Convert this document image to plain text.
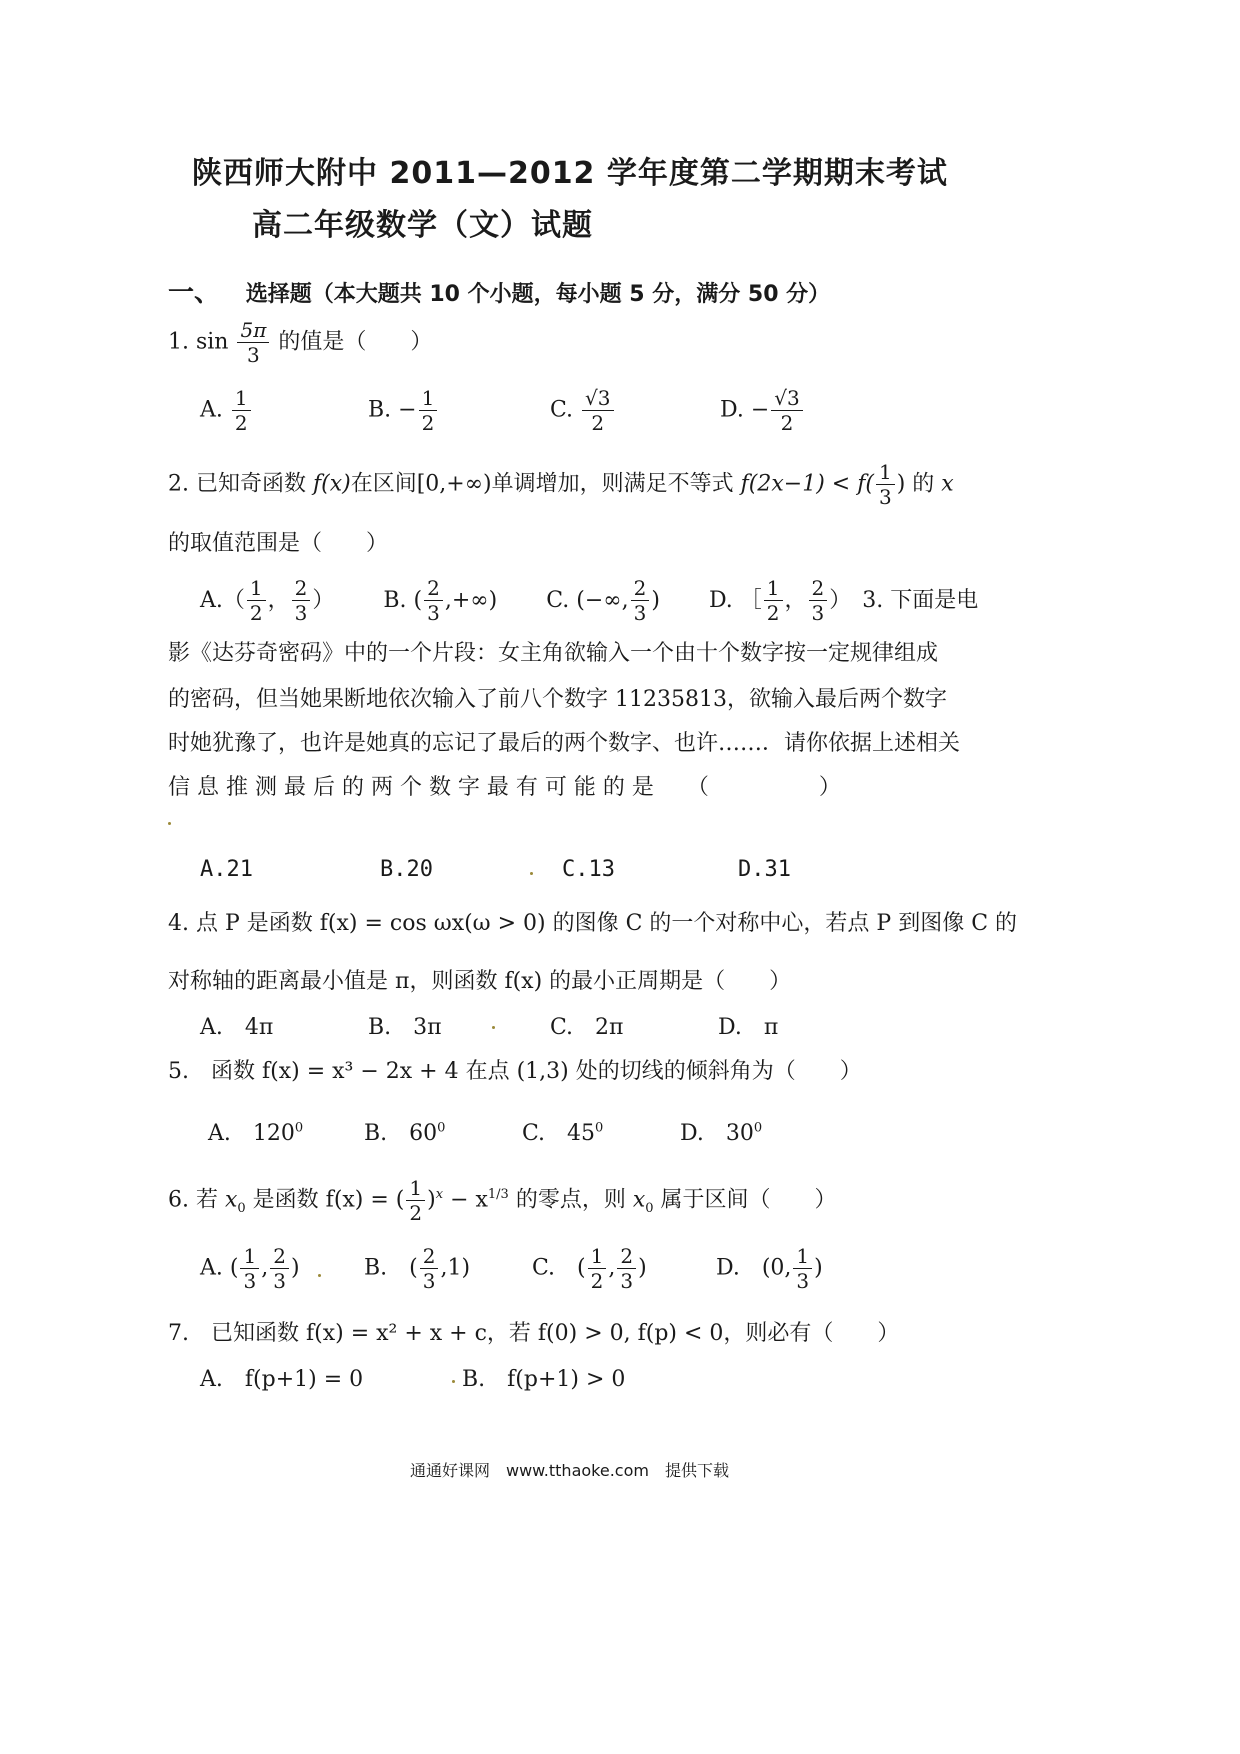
陕西师大附中 2011—2012 学年度第二学期期末考试
高二年级数学（文）试题
一、 选择题（本大题共 10 个小题，每小题 5 分，满分 50 分）
1. $\sin \frac{5\pi}{3}$ 的值是（　　）
A. $\frac{1}{2}$	B. − $\frac{1}{2}$	C. $\frac{√3}{2}$	D. − $\frac{√3}{2}$
2. 已知奇函数 f(x)在区间[0,+∞)单调增加，则满足不等式 $f(2x-1) < f( \frac{1}{3}$ ) 的 x
的取值范围是（　　）
$A.( \frac{1}{2}$ ， $\frac{2}{3}$ ） B. ( $\frac{2}{3}$ ,+∞) C. (−∞, $\frac{2}{3}$ ) D. ［ $\frac{1}{2}$ ， $\frac{2}{3}$ ） 3. 下面是电
影《达芬奇密码》中的一个片段：女主角欲输入一个由十个数字按一定规律组成
的密码，但当她果断地依次输入了前八个数字 11235813，欲输入最后两个数字
时她犹豫了，也许是她真的忘记了最后的两个数字、也许……．请你依据上述相关
信 息 推 测 最 后 的 两 个 数 字 最 有 可 能 的 是　　（　　　　　）
A.21	B.20	C.13	D.31
4. 点 P 是函数 f(x) = cos ωx(ω > 0) 的图像 C 的一个对称中心，若点 P 到图像 C 的
对称轴的距离最小值是 π，则函数 f(x) 的最小正周期是（　　）
A.　4π	B.　3π	C.　2π	D.　π
5.　函数 f(x) = x³ − 2x + 4 在点 (1,3) 处的切线的倾斜角为（　　）
A.　$120^0$	B.　$60^0$	C.　$45^0$	D.　$30^0$
6. 若 $x_0$ 是函数 f(x) = ( $\frac{1}{2} )^x - x^{1/3}$ 的零点，则 $x_0$ 属于区间（　　）
A. ( $\frac{1}{3}$ , $\frac{2}{3}$ )	B.　( $\frac{2}{3} ,1$)	C.　( $\frac{1}{2}$ , $\frac{2}{3}$ )	D.　(0, $\frac{1}{3}$ )
7.　已知函数 f(x) = x² + x + c，若 f(0) > 0, f(p) < 0，则必有（　　）
A.　f(p+1) = 0	B.　f(p+1) > 0
通通好课网　www.tthaoke.com　提供下载
